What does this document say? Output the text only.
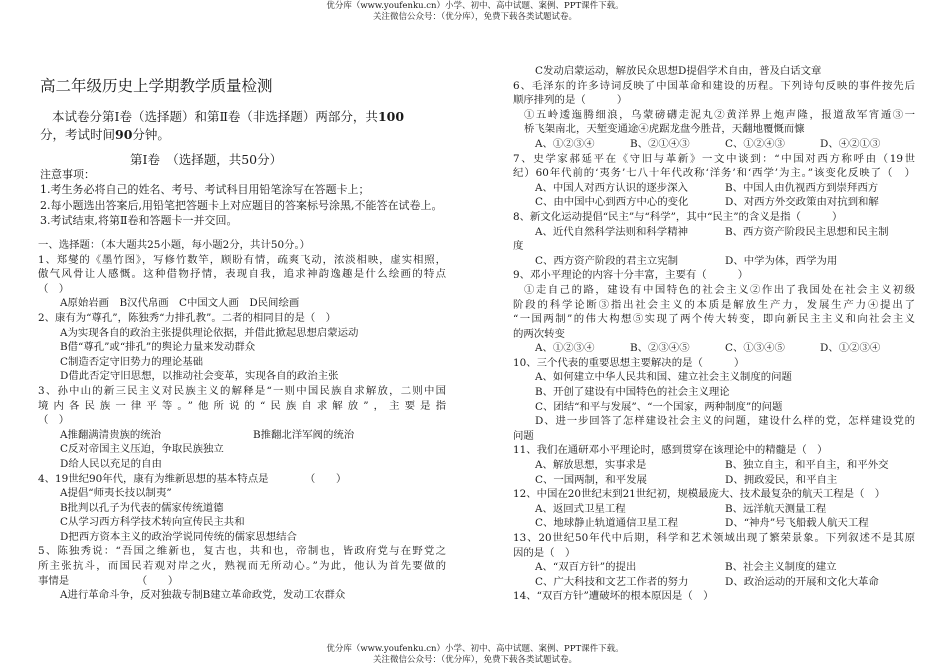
优分库（www.youfenku.cn）小学、初中、高中试题、案例、PPT课件下载。
关注微信公众号：（优分库），免费下载各类试题试卷。
高二年级历史上学期教学质量检测

本试卷分第Ⅰ卷（选择题）和第Ⅱ卷（非选择题）两部分，共100
分，考试时间90分钟。

第Ⅰ卷　（选择题，共50分）

注意事项：

1.考生务必将自己的姓名、考号、考试科目用铅笔涂写在答题卡上；

2.每小题选出答案后,用铅笔把答题卡上对应题目的答案标号涂黑,不能答在试卷上。

3.考试结束,将第Ⅱ卷和答题卡一并交回。

一、选择题：（本大题共25小题，每小题2分，共计50分。）

1、郑燮的《墨竹图》，写修竹数竿，顾盼有情，疏爽飞动，浓淡相映，虚实相照，

傲气风骨让人感慨。这种借物抒情，表现自我，追求神韵逸趣是什么绘画的特点

（　）

A原始岩画　B汉代帛画　C中国文人画　D民间绘画

2、康有为“尊孔”，陈独秀“力排孔教”。二者的相同目的是（　）

A为实现各自的政治主张提供理论依据，并借此掀起思想启蒙运动

B借“尊孔”或“排孔”的舆论力量来发动群众

C制造否定守旧势力的理论基础

D借此否定守旧思想，以推动社会变革，实现各自的政治主张

3、孙中山的新三民主义对民族主义的解释是“一则中国民族自求解放，二则中国

境内各民族一律平等。”他所说的“民族自求解放”，主要是指

（　）

A推翻满清贵族的统治	B推翻北洋军阀的统治

C反对帝国主义压迫，争取民族独立

D给人民以充足的自由

4、19世纪90年代，康有为维新思想的基本特点是　　　　（　　）

A提倡“师夷长技以制夷”

B批判以孔子为代表的儒家传统道德

C从学习西方科学技术转向宣传民主共和

D把西方资本主义的政治学说同传统的儒家思想结合

5、陈独秀说：“吾国之维新也，复古也，共和也，帝制也，皆政府党与在野党之

所主张抗斗，而国民若观对岸之火，熟视而无所动心。”为此，他认为首先要做的

事情是　　　　　　　（　　）

A进行革命斗争，反对独裁专制B建立革命政党，发动工农群众

C发动启蒙运动，解放民众思想D提倡学术自由，普及白话文章

6、毛泽东的许多诗词反映了中国革命和建设的历程。下列诗句反映的事件按先后

顺序排列的是（　　　）

①五岭逶迤腾细浪，乌蒙磅礴走泥丸②黄洋界上炮声隆，报道敌军宵遁③一

桥飞架南北，天堑变通途④虎踞龙盘今胜昔，天翻地覆慨而慷

A、①②③④	B、②①④③	C、①②④③	D、④②①③

7、史学家郝延平在《守旧与革新》一文中谈到：“中国对西方称呼由（19世

纪）60年代前的‘夷务’七八十年代改称‘洋务’和‘西学’为主。”该变化反映了（　）

A、中国人对西方认识的逐步深入	B、中国人由仇视西方到崇拜西方
C、由中国中心到西方中心的变化	D、对西方外交政策由对抗到和解

8、新文化运动提倡“民主”与“科学”，其中“民主”的含义是指（　　　）

A、近代自然科学法则和科学精神	B、西方资产阶段民主思想和民主制

度

C、西方资产阶段的君主立宪制	D、中学为体，西学为用

9、邓小平理论的内容十分丰富，主要有（　　　）

①走自己的路，建设有中国特色的社会主义②作出了我国处在社会主义初级

阶段的科学论断③指出社会主义的本质是解放生产力，发展生产力④提出了

“一国两制”的伟大构想⑤实现了两个传大转变，即向新民主主义和向社会主义

的两次转变

A、①②③④	B、②③④⑤	C、①③④⑤	D、①②③④

10、三个代表的重要思想主要解决的是（　　　）

A、如何建立中华人民共和国、建立社会主义制度的问题

B、开创了建设有中国特色的社会主义理论

C、团结“和平与发展”、“一个国家，两种制度”的问题

D、进一步回答了怎样建设社会主义的问题，建设什么样的党，怎样建设党的

问题

11、我们在通研邓小平理论时，感到贯穿在该理论中的精髓是（　）

A、解放思想，实事求是	B、独立自主，和平自主，和平外交
C、一国两制，和平发展	D、拥政爱民，和平自主

12、中国在20世纪末到21世纪初，规模最庞大、技术最复杂的航天工程是（　）

A、返回式卫星工程	B、远洋航天测量工程
C、地球静止轨道通信卫星工程	D、“神舟”号飞船载人航天工程

13、20世纪50年代中后期，科学和艺术领域出现了繁荣景象。下列叙述不是其原

因的是（　）

A、“双百方针”的提出	B、社会主义制度的建立
C、广大科技和文艺工作者的努力	D、政治运动的开展和文化大革命

14、“双百方针”遭破坏的根本原因是（　）

优分库（www.youfenku.cn）小学、初中、高中试题、案例、PPT课件下载。
关注微信公众号：（优分库），免费下载各类试题试卷。
